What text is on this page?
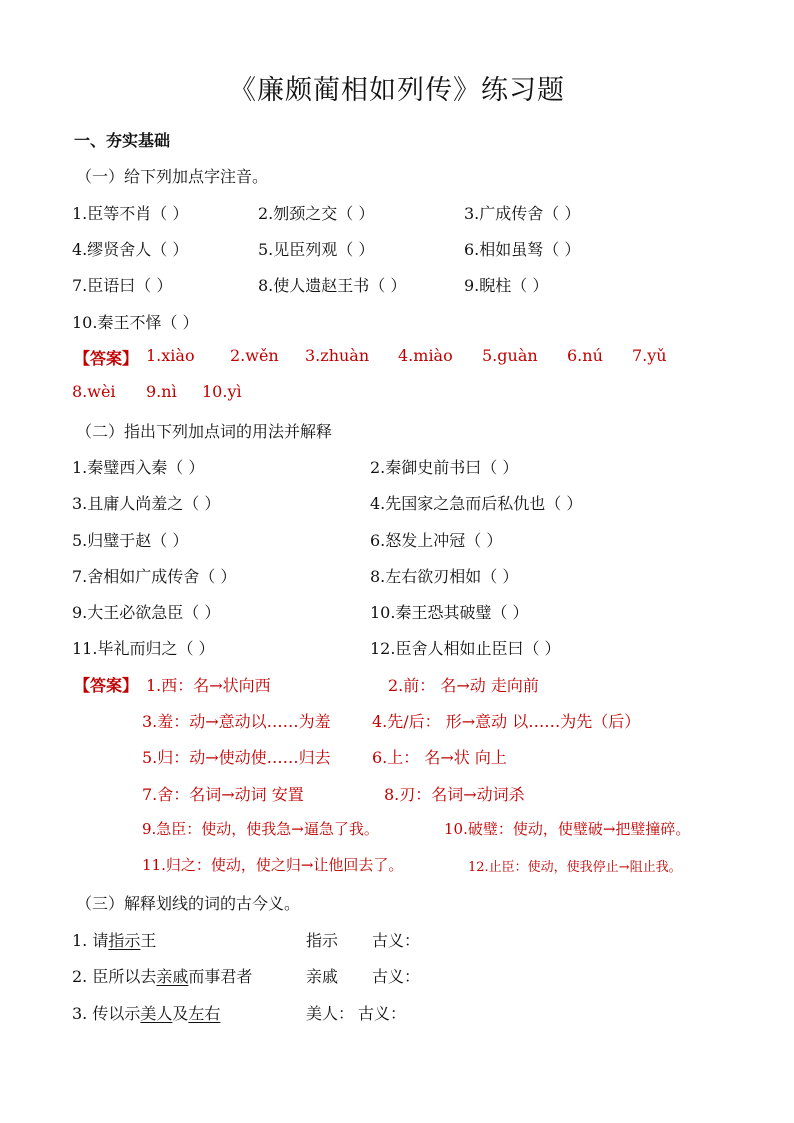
《廉颇蔺相如列传》练习题
一、夯实基础
（一）给下列加点字注音。
1.臣等不肖（ ）	2.刎颈之交（ ）	3.广成传舍（ ）
4.缪贤舍人（ ）	5.见臣列观（ ）	6.相如虽驽（ ）
7.臣语曰（ ）	8.使人遗赵王书（ ）	9.睨柱（ ）
10.秦王不怿（ ）
【答案】 1.xiào 2.wěn 3.zhuàn 4.miào 5.guàn 6.nú 7.yǔ
8.wèi 9.nì 10.yì
（二）指出下列加点词的用法并解释
1.秦璧西入秦（ ）	2.秦御史前书曰（ ）
3.且庸人尚羞之（ ）	4.先国家之急而后私仇也（ ）
5.归璧于赵（ ）	6.怒发上冲冠（ ）
7.舍相如广成传舍（ ）	8.左右欲刃相如（ ）
9.大王必欲急臣（ ）	10.秦王恐其破璧（ ）
11.毕礼而归之（ ）	12.臣舍人相如止臣曰（ ）
【答案】 1.西：名→状向西	2.前： 名→动 走向前
3.羞：动→意动以……为羞	4.先/后： 形→意动 以……为先（后）
5.归：动→使动使……归去	6.上： 名→状 向上
7.舍：名词→动词 安置	8.刃：名词→动词杀
9.急臣：使动，使我急→逼急了我。	10.破璧：使动，使璧破→把璧撞碎。
11.归之：使动，使之归→让他回去了。	12.止臣：使动，使我停止→阻止我。
（三）解释划线的词的古今义。
1. 请指示王	指示 古义：
2. 臣所以去亲戚而事君者	亲戚 古义：
3. 传以示美人及左右	美人： 古义：
